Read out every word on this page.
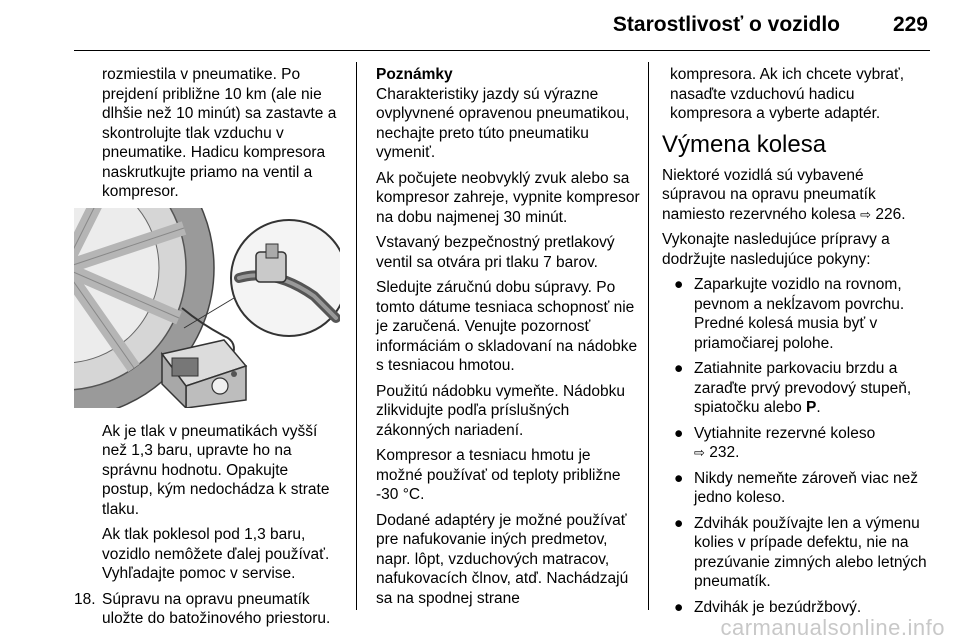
Starostlivosť o vozidlo	229

rozmiestila v pneumatike. Po prejdení približne 10 km (ale nie dlhšie než 10 minút) sa zastavte a skontrolujte tlak vzduchu v pneumatike. Hadicu kompresora naskrutkujte priamo na ventil a kompresor.

Ak je tlak v pneumatikách vyšší než 1,3 baru, upravte ho na správnu hodnotu. Opakujte postup, kým nedochádza k strate tlaku.

Ak tlak poklesol pod 1,3 baru, vozidlo nemôžete ďalej používať. Vyhľadajte pomoc v servise.

18. Súpravu na opravu pneumatík uložte do batožinového priestoru.
Poznámky

Charakteristiky jazdy sú výrazne ovplyvnené opravenou pneumatikou, nechajte preto túto pneumatiku vymeniť.

Ak počujete neobvyklý zvuk alebo sa kompresor zahreje, vypnite kompresor na dobu najmenej 30 minút.

Vstavaný bezpečnostný pretlakový ventil sa otvára pri tlaku 7 barov.

Sledujte záručnú dobu súpravy. Po tomto dátume tesniaca schopnosť nie je zaručená. Venujte pozornosť informáciám o skladovaní na nádobke s tesniacou hmotou.

Použitú nádobku vymeňte. Nádobku zlikvidujte podľa príslušných zákonných nariadení.

Kompresor a tesniacu hmotu je možné používať od teploty približne -30 °C.

Dodané adaptéry je možné používať pre nafukovanie iných predmetov, napr. lôpt, vzduchových matracov, nafukovacích člnov, atď. Nachádzajú sa na spodnej strane

kompresora. Ak ich chcete vybrať, nasaďte vzduchovú hadicu kompresora a vyberte adaptér.

Výmena kolesa

Niektoré vozidlá sú vybavené súpravou na opravu pneumatík namiesto rezervného kolesa ⇨ 226.

Vykonajte nasledujúce prípravy a dodržujte nasledujúce pokyny:

● Zaparkujte vozidlo na rovnom, pevnom a nekĺzavom povrchu. Predné kolesá musia byť v priamočiarej polohe.
● Zatiahnite parkovaciu brzdu a zaraďte prvý prevodový stupeň, spiatočku alebo P.
● Vytiahnite rezervné koleso
⇨ 232.
● Nikdy nemeňte zároveň viac než jedno koleso.
● Zdvihák používajte len a výmenu kolies v prípade defektu, nie na prezúvanie zimných alebo letných pneumatík.
● Zdvihák je bezúdržbový.
carmanualsonline.info
